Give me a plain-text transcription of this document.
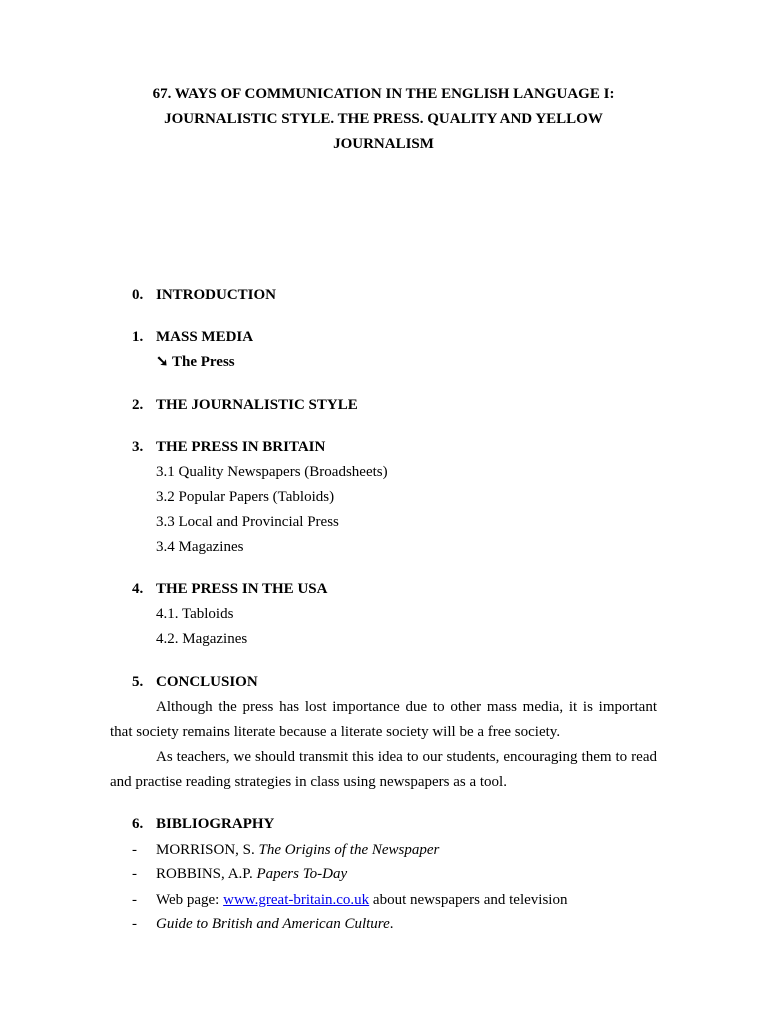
67. WAYS OF COMMUNICATION IN THE ENGLISH LANGUAGE I:
JOURNALISTIC STYLE. THE PRESS. QUALITY AND YELLOW
JOURNALISM
0. INTRODUCTION
1. MASS MEDIA
➘ The Press
2. THE JOURNALISTIC STYLE
3. THE PRESS IN BRITAIN
3.1 Quality Newspapers (Broadsheets)
3.2 Popular Papers (Tabloids)
3.3 Local and Provincial Press
3.4 Magazines
4. THE PRESS IN THE USA
4.1. Tabloids
4.2. Magazines
5. CONCLUSION
Although the press has lost importance due to other mass media, it is important that society remains literate because a literate society will be a free society.
As teachers, we should transmit this idea to our students, encouraging them to read and practise reading strategies in class using newspapers as a tool.
6. BIBLIOGRAPHY
- MORRISON, S. The Origins of the Newspaper
- ROBBINS, A.P. Papers To-Day
- Web page: www.great-britain.co.uk about newspapers and television
- Guide to British and American Culture.
